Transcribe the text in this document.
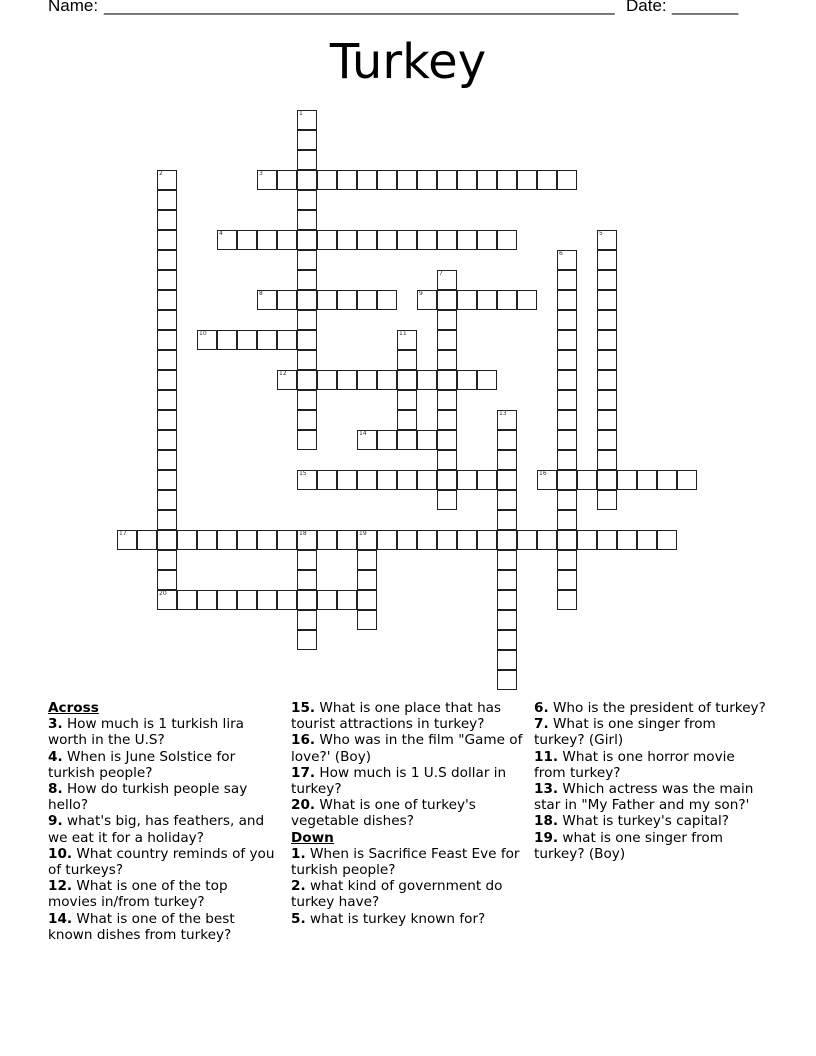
Name: ______________________________________________________ Date: _______
Turkey
1
2
20
3
4	5
6
7
8	9
10	11
12
13
14
15	16
17	18	19
Across
3. How much is 1 turkish lira worth in the U.S?
4. When is June Solstice for turkish people?
8. How do turkish people say hello?
9. what's big, has feathers, and we eat it for a holiday?
10. What country reminds of you of turkeys?
12. What is one of the top movies in/from turkey?
14. What is one of the best known dishes from turkey?
15. What is one place that has tourist attractions in turkey?
16. Who was in the film "Game of love?' (Boy)
17. How much is 1 U.S dollar in turkey?
20. What is one of turkey's vegetable dishes?
Down
1. When is Sacrifice Feast Eve for turkish people?
2. what kind of government do turkey have?
5. what is turkey known for?
6. Who is the president of turkey?
7. What is one singer from turkey? (Girl)
11. What is one horror movie from turkey?
13. Which actress was the main star in "My Father and my son?'
18. What is turkey's capital?
19. what is one singer from turkey? (Boy)
